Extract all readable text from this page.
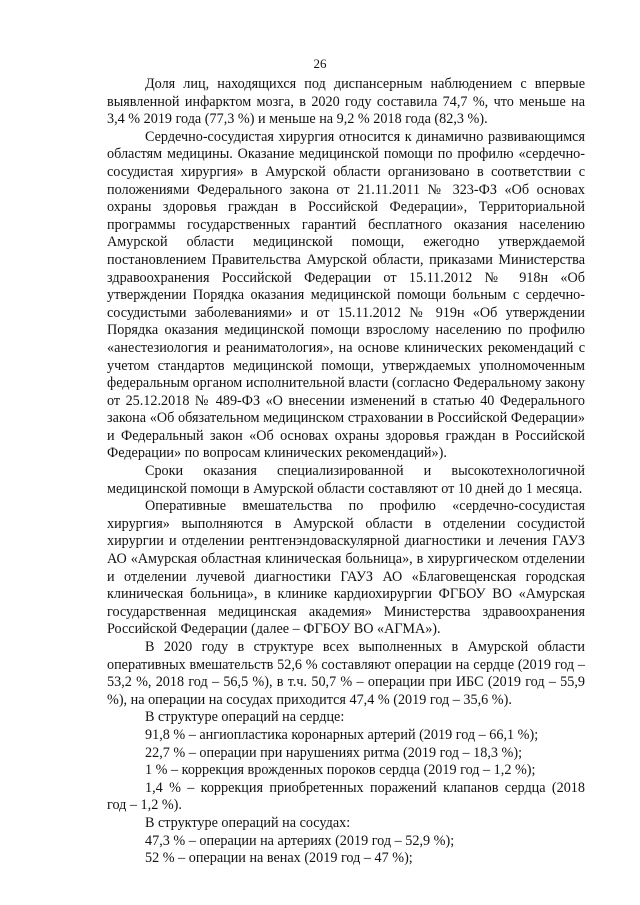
26

Доля лиц, находящихся под диспансерным наблюдением с впервые выявленной инфарктом мозга, в 2020 году составила 74,7 %, что меньше на 3,4 % 2019 года (77,3 %) и меньше на 9,2 % 2018 года (82,3 %).

Сердечно-сосудистая хирургия относится к динамично развивающимся областям медицины. Оказание медицинской помощи по профилю «сердечно-сосудистая хирургия» в Амурской области организовано в соответствии с положениями Федерального закона от 21.11.2011 № 323-ФЗ «Об основах охраны здоровья граждан в Российской Федерации», Территориальной программы государственных гарантий бесплатного оказания населению Амурской области медицинской помощи, ежегодно утверждаемой постановлением Правительства Амурской области, приказами Министерства здравоохранения Российской Федерации от 15.11.2012 № 918н «Об утверждении Порядка оказания медицинской помощи больным с сердечно-сосудистыми заболеваниями» и от 15.11.2012 № 919н «Об утверждении Порядка оказания медицинской помощи взрослому населению по профилю «анестезиология и реаниматология», на основе клинических рекомендаций с учетом стандартов медицинской помощи, утверждаемых уполномоченным федеральным органом исполнительной власти (согласно Федеральному закону от 25.12.2018 № 489-ФЗ «О внесении изменений в статью 40 Федерального закона «Об обязательном медицинском страховании в Российской Федерации» и Федеральный закон «Об основах охраны здоровья граждан в Российской Федерации» по вопросам клинических рекомендаций»).

Сроки оказания специализированной и высокотехнологичной медицинской помощи в Амурской области составляют от 10 дней до 1 месяца.

Оперативные вмешательства по профилю «сердечно-сосудистая хирургия» выполняются в Амурской области в отделении сосудистой хирургии и отделении рентгенэндоваскулярной диагностики и лечения ГАУЗ АО «Амурская областная клиническая больница», в хирургическом отделении и отделении лучевой диагностики ГАУЗ АО «Благовещенская городская клиническая больница», в клинике кардиохирургии ФГБОУ ВО «Амурская государственная медицинская академия» Министерства здравоохранения Российской Федерации (далее – ФГБОУ ВО «АГМА»).

В 2020 году в структуре всех выполненных в Амурской области оперативных вмешательств 52,6 % составляют операции на сердце (2019 год – 53,2 %, 2018 год – 56,5 %), в т.ч. 50,7 % – операции при ИБС (2019 год – 55,9 %), на операции на сосудах приходится 47,4 % (2019 год – 35,6 %).

В структуре операций на сердце:

91,8 % – ангиопластика коронарных артерий (2019 год – 66,1 %);

22,7 % – операции при нарушениях ритма (2019 год – 18,3 %);

1 % – коррекция врожденных пороков сердца (2019 год – 1,2 %);

1,4 % – коррекция приобретенных поражений клапанов сердца (2018 год – 1,2 %).

В структуре операций на сосудах:

47,3 % – операции на артериях (2019 год – 52,9 %);

52 % – операции на венах (2019 год – 47 %);
